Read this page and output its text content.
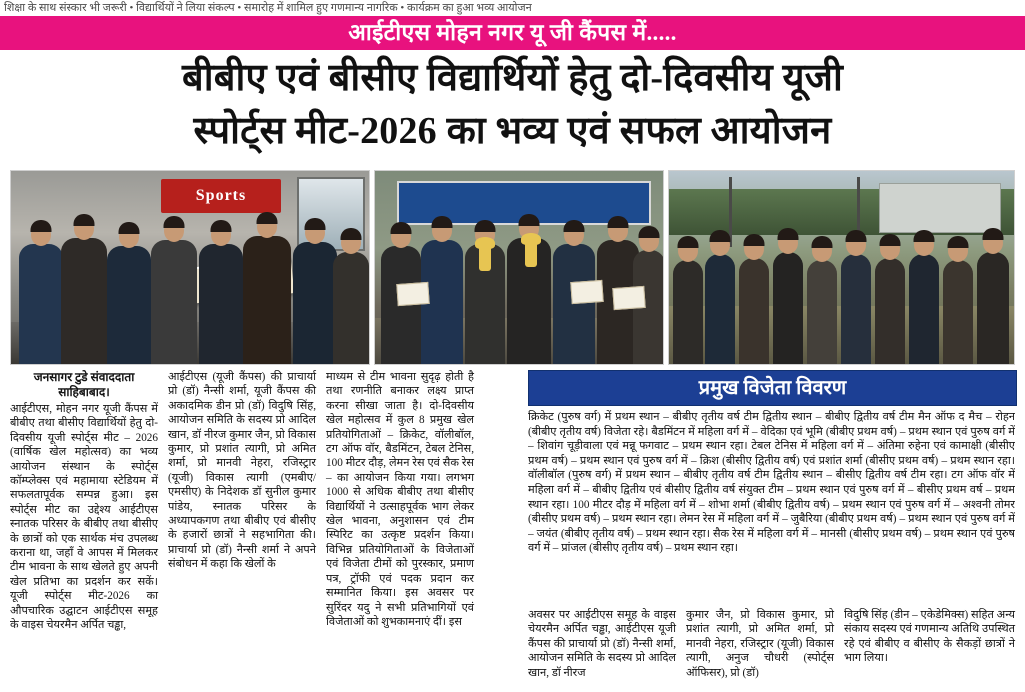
शिक्षा के साथ संस्कार भी जरूरी • विद्यार्थियों ने लिया संकल्प • समारोह में शामिल हुए गणमान्य नागरिक • कार्यक्रम का हुआ भव्य आयोजन
आईटीएस मोहन नगर यू जी कैंपस में.....
बीबीए एवं बीसीए विद्यार्थियों हेतु दो-दिवसीय यूजी
स्पोर्ट्स मीट-2026 का भव्य एवं सफल आयोजन
Sports
जनसागर टुडे संवाददाता साहिबाबाद।
आईटीएस, मोहन नगर यूजी कैंपस में बीबीए तथा बीसीए विद्यार्थियों हेतु दो-दिवसीय यूजी स्पोर्ट्स मीट – 2026 (वार्षिक खेल महोत्सव) का भव्य आयोजन संस्थान के स्पोर्ट्स कॉम्प्लेक्स एवं महामाया स्टेडियम में सफलतापूर्वक सम्पन्न हुआ। इस स्पोर्ट्स मीट का उद्देश्य आईटीएस स्नातक परिसर के बीबीए तथा बीसीए के छात्रों को एक सार्थक मंच उपलब्ध कराना था, जहाँ वे आपस में मिलकर टीम भावना के साथ खेलते हुए अपनी खेल प्रतिभा का प्रदर्शन कर सकें। यूजी स्पोर्ट्स मीट-2026 का औपचारिक उद्घाटन आईटीएस समूह के वाइस चेयरमैन अर्पित चड्ढा,
आईटीएस (यूजी कैंपस) की प्राचार्या प्रो (डॉ) नैन्सी शर्मा, यूजी कैंपस की अकादमिक डीन प्रो (डॉ) विदुषि सिंह, आयोजन समिति के सदस्य प्रो आदिल खान, डॉ नीरज कुमार जैन, प्रो विकास कुमार, प्रो प्रशांत त्यागी, प्रो अमित शर्मा, प्रो मानवी नेहरा, रजिस्ट्रार (यूजी) विकास त्यागी (एमबीए/एमसीए) के निदेशक डॉ सुनील कुमार पांडेय, स्नातक परिसर के अध्यापकगण तथा बीबीए एवं बीसीए के हजारों छात्रों ने सहभागिता की। प्राचार्या प्रो (डॉ) नैन्सी शर्मा ने अपने संबोधन में कहा कि खेलों के
माध्यम से टीम भावना सुदृढ़ होती है तथा रणनीति बनाकर लक्ष्य प्राप्त करना सीखा जाता है। दो-दिवसीय खेल महोत्सव में कुल 8 प्रमुख खेल प्रतियोगिताओं – क्रिकेट, वॉलीबॉल, टग ऑफ वॉर, बैडमिंटन, टेबल टेनिस, 100 मीटर दौड़, लेमन रेस एवं सैक रेस – का आयोजन किया गया। लगभग 1000 से अधिक बीबीए तथा बीसीए विद्यार्थियों ने उत्साहपूर्वक भाग लेकर खेल भावना, अनुशासन एवं टीम स्पिरिट का उत्कृष्ट प्रदर्शन किया। विभिन्न प्रतियोगिताओं के विजेताओं एवं विजेता टीमों को पुरस्कार, प्रमाण पत्र, ट्रॉफी एवं पदक प्रदान कर सम्मानित किया। इस अवसर पर सुरिंदर यदु ने सभी प्रतिभागियों एवं विजेताओं को शुभकामनाएं दीं। इस
प्रमुख विजेता विवरण
क्रिकेट (पुरुष वर्ग) में प्रथम स्थान – बीबीए तृतीय वर्ष टीम द्वितीय स्थान – बीबीए द्वितीय वर्ष टीम मैन ऑफ द मैच – रोहन (बीबीए तृतीय वर्ष) विजेता रहे। बैडमिंटन में महिला वर्ग में – वेदिका एवं भूमि (बीबीए प्रथम वर्ष) – प्रथम स्थान एवं पुरुष वर्ग में – शिवांग चूड़ीवाला एवं मन्नू फगवाट – प्रथम स्थान रहा। टेबल टेनिस में महिला वर्ग में – अंतिमा रुहेना एवं कामाक्षी (बीसीए प्रथम वर्ष) – प्रथम स्थान एवं पुरुष वर्ग में – क्रिश (बीसीए द्वितीय वर्ष) एवं प्रशांत शर्मा (बीसीए प्रथम वर्ष) – प्रथम स्थान रहा। वॉलीबॉल (पुरुष वर्ग) में प्रथम स्थान – बीबीए तृतीय वर्ष टीम द्वितीय स्थान – बीसीए द्वितीय वर्ष टीम रहा। टग ऑफ वॉर में महिला वर्ग में – बीबीए द्वितीय एवं बीसीए द्वितीय वर्ष संयुक्त टीम – प्रथम स्थान एवं पुरुष वर्ग में – बीसीए प्रथम वर्ष – प्रथम स्थान रहा। 100 मीटर दौड़ में महिला वर्ग में – शोभा शर्मा (बीबीए द्वितीय वर्ष) – प्रथम स्थान एवं पुरुष वर्ग में – अश्वनी तोमर (बीसीए प्रथम वर्ष) – प्रथम स्थान रहा। लेमन रेस में महिला वर्ग में – जुबैरिया (बीबीए प्रथम वर्ष) – प्रथम स्थान एवं पुरुष वर्ग में – जयंत (बीबीए तृतीय वर्ष) – प्रथम स्थान रहा। सैक रेस में महिला वर्ग में – मानसी (बीसीए प्रथम वर्ष) – प्रथम स्थान एवं पुरुष वर्ग में – प्रांजल (बीसीए तृतीय वर्ष) – प्रथम स्थान रहा।
अवसर पर आईटीएस समूह के वाइस चेयरमैन अर्पित चड्ढा, आईटीएस यूजी कैंपस की प्राचार्या प्रो (डॉ) नैन्सी शर्मा, आयोजन समिति के सदस्य प्रो आदिल खान, डॉ नीरज
कुमार जैन, प्रो विकास कुमार, प्रो प्रशांत त्यागी, प्रो अमित शर्मा, प्रो मानवी नेहरा, रजिस्ट्रार (यूजी) विकास त्यागी, अनुज चौधरी (स्पोर्ट्स ऑफिसर), प्रो (डॉ)
विदुषि सिंह (डीन – एकेडेमिक्स) सहित अन्य संकाय सदस्य एवं गणमान्य अतिथि उपस्थित रहे एवं बीबीए व बीसीए के सैकड़ों छात्रों ने भाग लिया।
